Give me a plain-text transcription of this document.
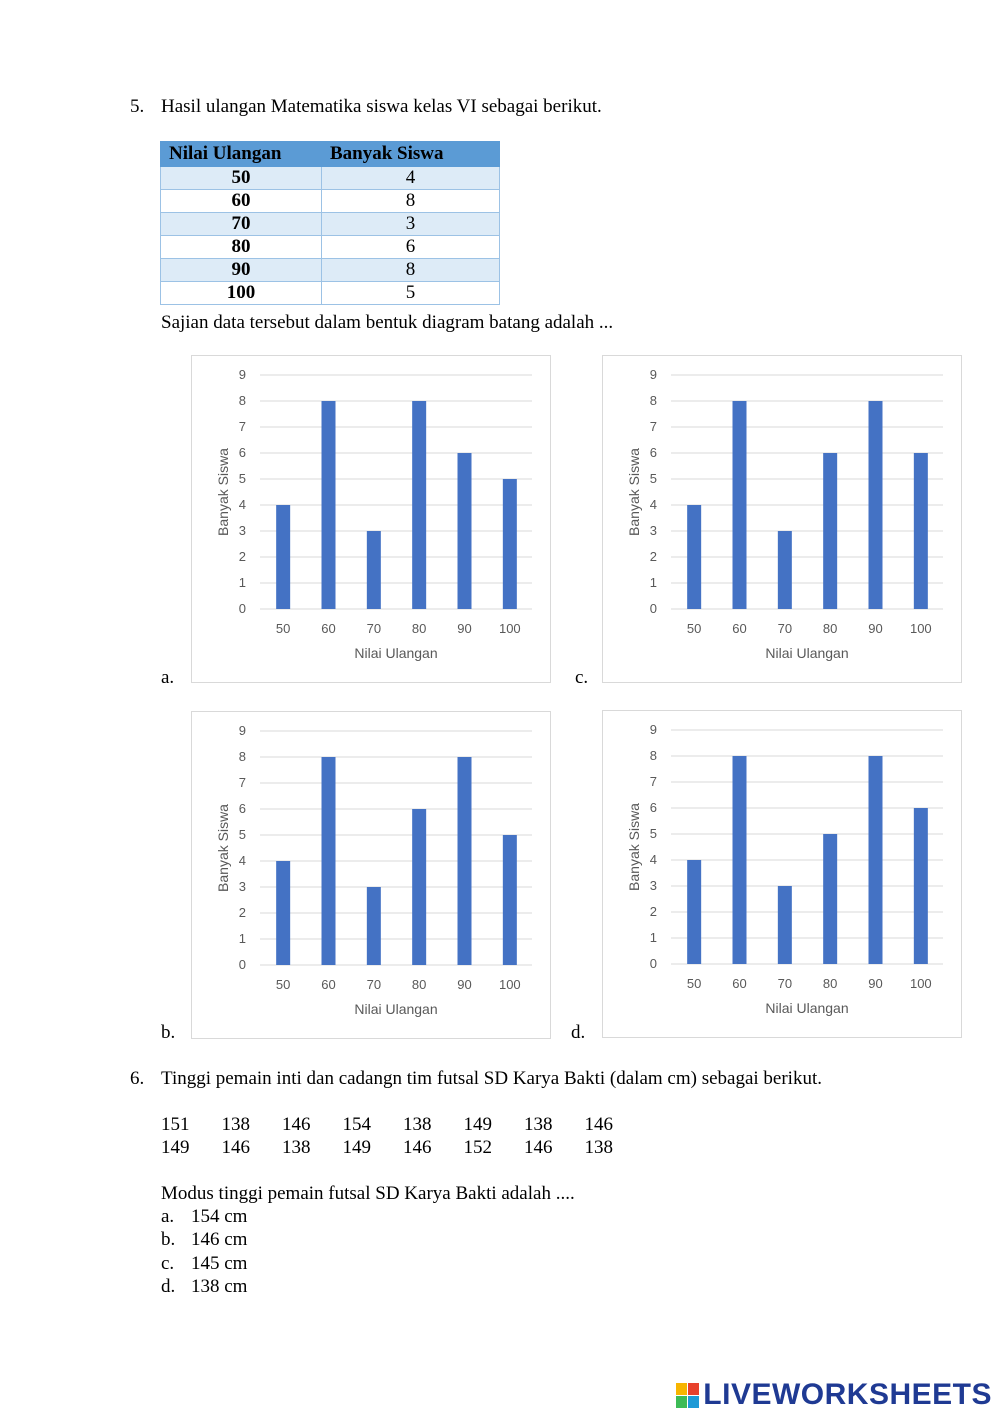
5. Hasil ulangan Matematika siswa kelas VI sebagai berikut.
Nilai Ulangan	Banyak Siswa
50	4
60	8
70	3
80	6
90	8
100	5
Sajian data tersebut dalam bentuk diagram batang adalah ...
a.	c.
b.	d.
0
1
2
3
4
5
6
7
8
9
50 60 70 80 90 100
Nilai Ulangan
Banyak Siswa
0
1
2
3
4
5
6
7
8
9
50 60 70 80 90 100
Nilai Ulangan
Banyak Siswa
0
1
2
3
4
5
6
7
8
9
50 60 70 80 90 100
Nilai Ulangan
Banyak Siswa
0
1
2
3
4
5
6
7
8
9
50 60 70 80 90 100
Nilai Ulangan
Banyak Siswa
6. Tinggi pemain inti dan cadangn tim futsal SD Karya Bakti (dalam cm) sebagai berikut.
151 138 146 154 138 149 138 146
149 146 138 149 146 152 146 138
Modus tinggi pemain futsal SD Karya Bakti adalah ....
a. 154 cm
b. 146 cm
c. 145 cm
d. 138 cm
LIVEWORKSHEETS
